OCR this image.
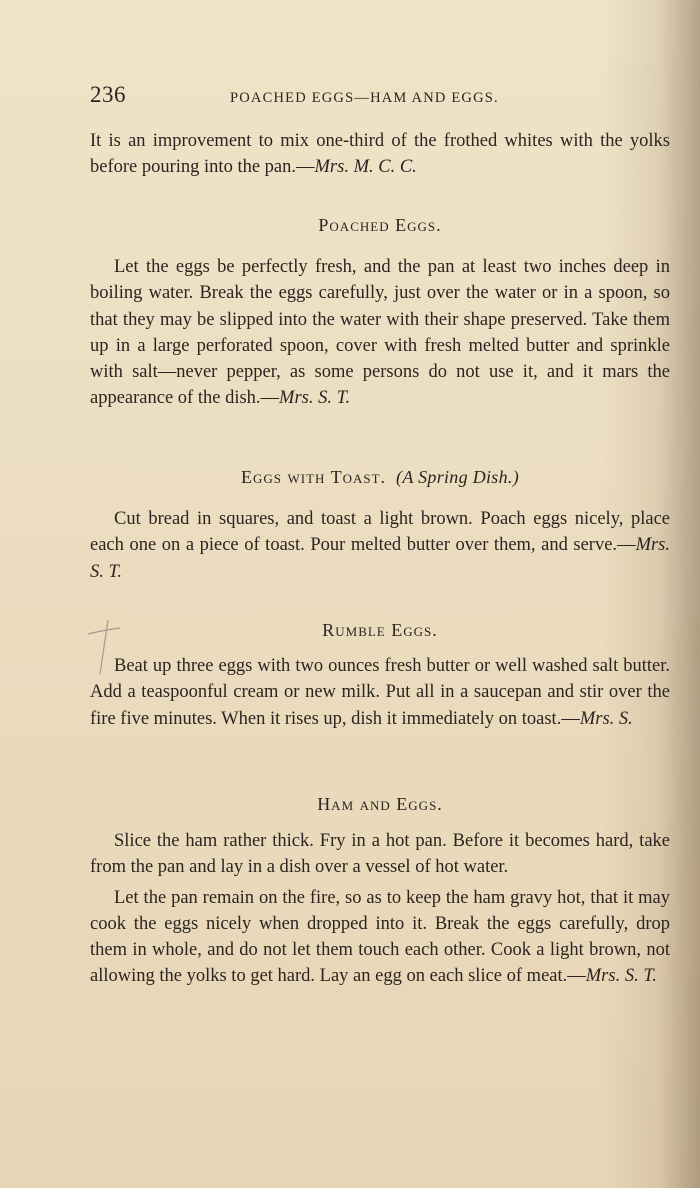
236	POACHED EGGS—HAM AND EGGS.

It is an improvement to mix one-third of the frothed whites with the yolks before pouring into the pan.—Mrs. M. C. C.

Poached Eggs.

Let the eggs be perfectly fresh, and the pan at least two inches deep in boiling water. Break the eggs carefully, just over the water or in a spoon, so that they may be slipped into the water with their shape preserved. Take them up in a large perforated spoon, cover with fresh melted butter and sprinkle with salt—never pepper, as some persons do not use it, and it mars the appearance of the dish.—Mrs. S. T.

Eggs with Toast. (A Spring Dish.)

Cut bread in squares, and toast a light brown. Poach eggs nicely, place each one on a piece of toast. Pour melted butter over them, and serve.—Mrs. S. T.

Rumble Eggs.

Beat up three eggs with two ounces fresh butter or well washed salt butter. Add a teaspoonful cream or new milk. Put all in a saucepan and stir over the fire five minutes. When it rises up, dish it immediately on toast.—Mrs. S.

Ham and Eggs.

Slice the ham rather thick. Fry in a hot pan. Before it becomes hard, take from the pan and lay in a dish over a vessel of hot water.

Let the pan remain on the fire, so as to keep the ham gravy hot, that it may cook the eggs nicely when dropped into it. Break the eggs carefully, drop them in whole, and do not let them touch each other. Cook a light brown, not allowing the yolks to get hard. Lay an egg on each slice of meat.—Mrs. S. T.
